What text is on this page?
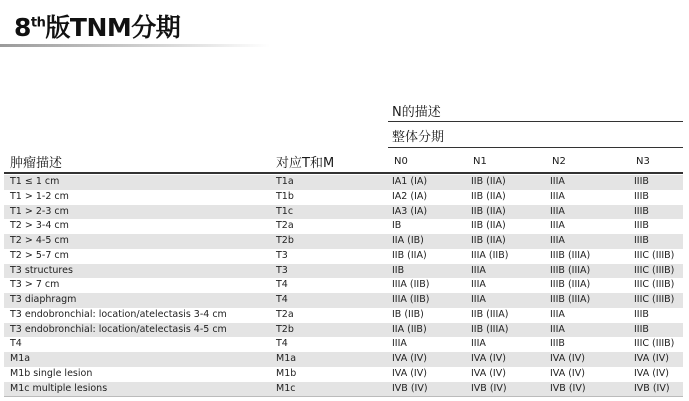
8th版TNM分期
N的描述
整体分期
肿瘤描述	对应T和M	N0	N1	N2	N3
T1 ≤ 1 cm	T1a	IA1 (IA)	IIB (IIA)	IIIA	IIIB
T1 > 1-2 cm	T1b	IA2 (IA)	IIB (IIA)	IIIA	IIIB
T1 > 2-3 cm	T1c	IA3 (IA)	IIB (IIA)	IIIA	IIIB
T2 > 3-4 cm	T2a	IB	IIB (IIA)	IIIA	IIIB
T2 > 4-5 cm	T2b	IIA (IB)	IIB (IIA)	IIIA	IIIB
T2 > 5-7 cm	T3	IIB (IIA)	IIIA (IIB)	IIIB (IIIA)	IIIC (IIIB)
T3 structures	T3	IIB	IIIA	IIIB (IIIA)	IIIC (IIIB)
T3 > 7 cm	T4	IIIA (IIB)	IIIA	IIIB (IIIA)	IIIC (IIIB)
T3 diaphragm	T4	IIIA (IIB)	IIIA	IIIB (IIIA)	IIIC (IIIB)
T3 endobronchial: location/atelectasis 3-4 cm	T2a	IB (IIB)	IIB (IIIA)	IIIA	IIIB
T3 endobronchial: location/atelectasis 4-5 cm	T2b	IIA (IIB)	IIB (IIIA)	IIIA	IIIB
T4	T4	IIIA	IIIA	IIIB	IIIC (IIIB)
M1a	M1a	IVA (IV)	IVA (IV)	IVA (IV)	IVA (IV)
M1b single lesion	M1b	IVA (IV)	IVA (IV)	IVA (IV)	IVA (IV)
M1c multiple lesions	M1c	IVB (IV)	IVB (IV)	IVB (IV)	IVB (IV)
